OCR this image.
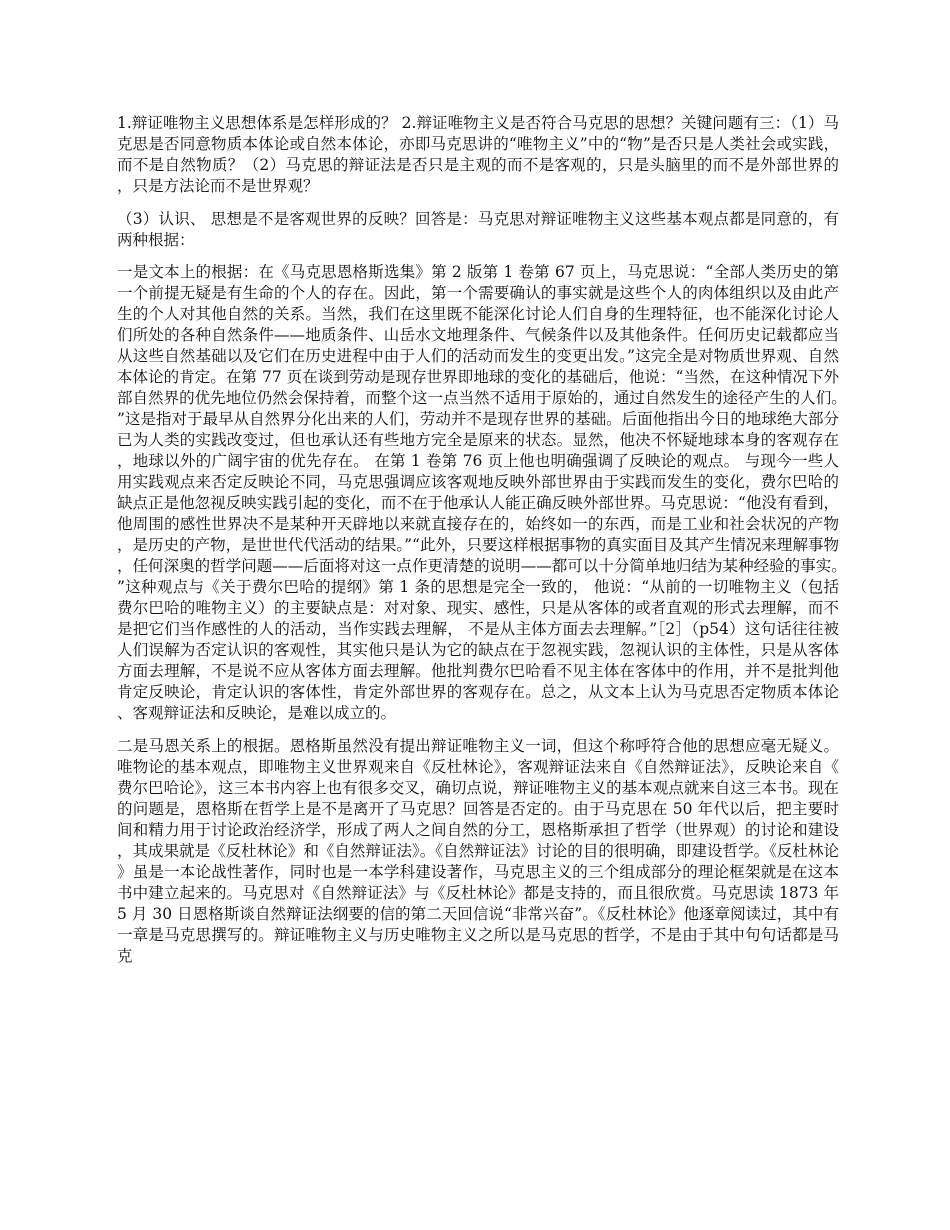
1.辩证唯物主义思想体系是怎样形成的？ 2.辩证唯物主义是否符合马克思的思想？关键问题有三：（1）马克思是否同意物质本体论或自然本体论，亦即马克思讲的“唯物主义”中的“物”是否只是人类社会或实践，而不是自然物质？（2）马克思的辩证法是否只是主观的而不是客观的，只是头脑里的而不是外部世界的，只是方法论而不是世界观？

（3）认识、 思想是不是客观世界的反映？回答是：马克思对辩证唯物主义这些基本观点都是同意的，有两种根据：

一是文本上的根据：在《马克思恩格斯选集》第 2 版第 1 卷第 67 页上，马克思说：“全部人类历史的第一个前提无疑是有生命的个人的存在。因此，第一个需要确认的事实就是这些个人的肉体组织以及由此产生的个人对其他自然的关系。当然，我们在这里既不能深化讨论人们自身的生理特征，也不能深化讨论人们所处的各种自然条件——地质条件、山岳水文地理条件、气候条件以及其他条件。任何历史记载都应当从这些自然基础以及它们在历史进程中由于人们的活动而发生的变更出发。”这完全是对物质世界观、自然本体论的肯定。在第 77 页在谈到劳动是现存世界即地球的变化的基础后，他说：“当然，在这种情况下外部自然界的优先地位仍然会保持着，而整个这一点当然不适用于原始的，通过自然发生的途径产生的人们。”这是指对于最早从自然界分化出来的人们，劳动并不是现存世界的基础。后面他指出今日的地球绝大部分已为人类的实践改变过，但也承认还有些地方完全是原来的状态。显然，他决不怀疑地球本身的客观存在，地球以外的广阔宇宙的优先存在。 在第 1 卷第 76 页上他也明确强调了反映论的观点。 与现今一些人用实践观点来否定反映论不同，马克思强调应该客观地反映外部世界由于实践而发生的变化，费尔巴哈的缺点正是他忽视反映实践引起的变化，而不在于他承认人能正确反映外部世界。马克思说：“他没有看到，他周围的感性世界决不是某种开天辟地以来就直接存在的，始终如一的东西，而是工业和社会状况的产物，是历史的产物，是世世代代活动的结果。”“此外，只要这样根据事物的真实面目及其产生情况来理解事物，任何深奥的哲学问题——后面将对这一点作更清楚的说明——都可以十分简单地归结为某种经验的事实。”这种观点与《关于费尔巴哈的提纲》第 1 条的思想是完全一致的， 他说：“从前的一切唯物主义（包括费尔巴哈的唯物主义）的主要缺点是：对对象、现实、感性，只是从客体的或者直观的形式去理解，而不是把它们当作感性的人的活动，当作实践去理解， 不是从主体方面去去理解。”［2］（p54）这句话往往被人们误解为否定认识的客观性，其实他只是认为它的缺点在于忽视实践，忽视认识的主体性，只是从客体方面去理解，不是说不应从客体方面去理解。他批判费尔巴哈看不见主体在客体中的作用，并不是批判他肯定反映论，肯定认识的客体性，肯定外部世界的客观存在。总之，从文本上认为马克思否定物质本体论、客观辩证法和反映论，是难以成立的。

二是马恩关系上的根据。恩格斯虽然没有提出辩证唯物主义一词，但这个称呼符合他的思想应毫无疑义。唯物论的基本观点，即唯物主义世界观来自《反杜林论》，客观辩证法来自《自然辩证法》，反映论来自《费尔巴哈论》，这三本书内容上也有很多交叉，确切点说，辩证唯物主义的基本观点就来自这三本书。现在的问题是，恩格斯在哲学上是不是离开了马克思？回答是否定的。由于马克思在 50 年代以后，把主要时间和精力用于讨论政治经济学，形成了两人之间自然的分工，恩格斯承担了哲学（世界观）的讨论和建设，其成果就是《反杜林论》和《自然辩证法》。《自然辩证法》讨论的目的很明确，即建设哲学。《反杜林论》虽是一本论战性著作，同时也是一本学科建设著作，马克思主义的三个组成部分的理论框架就是在这本书中建立起来的。马克思对《自然辩证法》与《反杜林论》都是支持的，而且很欣赏。马克思读 1873 年 5 月 30 日恩格斯谈自然辩证法纲要的信的第二天回信说“非常兴奋”。《反杜林论》他逐章阅读过，其中有一章是马克思撰写的。辩证唯物主义与历史唯物主义之所以是马克思的哲学，不是由于其中句句话都是马克
